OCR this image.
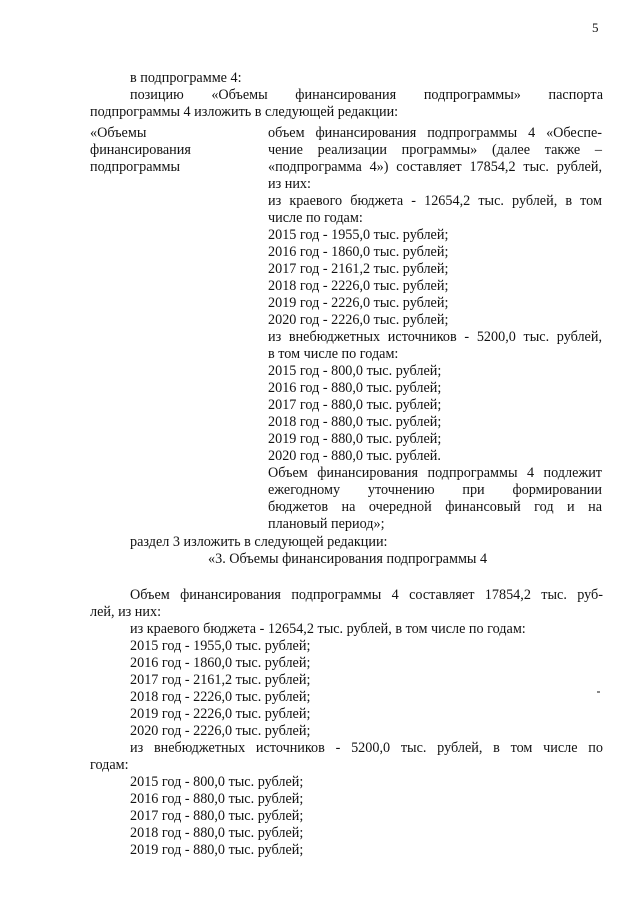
5
в подпрограмме 4:
позицию «Объемы финансирования подпрограммы» паспорта
подпрограммы 4 изложить в следующей редакции:
«Объемы
финансирования
подпрограммы
объем финансирования подпрограммы 4 «Обеспе-
чение реализации программы» (далее также –
«подпрограмма 4») составляет 17854,2 тыс. рублей,
из них:
из краевого бюджета - 12654,2 тыс. рублей, в том
числе по годам:
2015 год - 1955,0 тыс. рублей;
2016 год - 1860,0 тыс. рублей;
2017 год - 2161,2 тыс. рублей;
2018 год - 2226,0 тыс. рублей;
2019 год - 2226,0 тыс. рублей;
2020 год - 2226,0 тыс. рублей;
из внебюджетных источников - 5200,0 тыс. рублей,
в том числе по годам:
2015 год - 800,0 тыс. рублей;
2016 год - 880,0 тыс. рублей;
2017 год - 880,0 тыс. рублей;
2018 год - 880,0 тыс. рублей;
2019 год - 880,0 тыс. рублей;
2020 год - 880,0 тыс. рублей.
Объем финансирования подпрограммы 4 подлежит
ежегодному уточнению при формировании
бюджетов на очередной финансовый год и на
плановый период»;
раздел 3 изложить в следующей редакции:
«3. Объемы финансирования подпрограммы 4
Объем финансирования подпрограммы 4 составляет 17854,2 тыс. руб-
лей, из них:
из краевого бюджета - 12654,2 тыс. рублей, в том числе по годам:
2015 год - 1955,0 тыс. рублей;
2016 год - 1860,0 тыс. рублей;
2017 год - 2161,2 тыс. рублей;
2018 год - 2226,0 тыс. рублей;
2019 год - 2226,0 тыс. рублей;
2020 год - 2226,0 тыс. рублей;
из внебюджетных источников - 5200,0 тыс. рублей, в том числе по
годам:
2015 год - 800,0 тыс. рублей;
2016 год - 880,0 тыс. рублей;
2017 год - 880,0 тыс. рублей;
2018 год - 880,0 тыс. рублей;
2019 год - 880,0 тыс. рублей;
